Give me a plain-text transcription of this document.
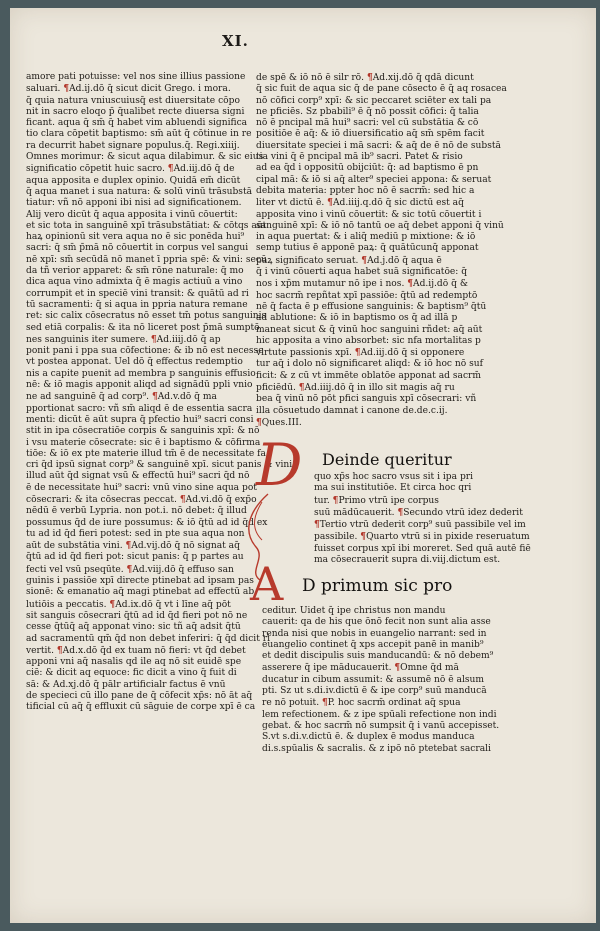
XI.
amore pati potuisse: vel nos sine illius passione
saluari. ¶Ad.ij.dō q̄ sicut dicit Grego. i mora.
q̄ quia natura vniuscuiusq̄ est diuersitate cōpo
nit in sacro eloqo p̄ q̄ualibet recte diuersa signi
ficant. aqua q̄ sm̄ q̄ habet vim abluendi significa
tio clara cōpetit baptismo: sm̄ aūt q̄ cōtinue in re
ra decurrit habet signare populus.q̄. Regi.xiiij.
Omnes morimur: & sicut aqua dilabimur. & sic eius
significatio cōpetit huic sacro. ¶Ad.iij.dō q̄ de
aqua apposita e duplex opinio. Quidā em̄ dicūt
q̄ aqua manet i sua natura: & solū vinū trāsubstā
tiatur: vñ nō apponi ibi nisi ad significationem.
Alij vero dicūt q̄ aqua apposita i vinū cōuertit:
et sic tota in sanguinē xpī trāsubstātiat: & cōtqs aūt
haꝝ opinionū sit vera aqua no ē sic ponēda hui⁹
sacri: q̄ sm̄ p̄mā nō cōuertit in corpus vel sangui
nē xpī: sm̄ secūdā nō manet ī ppria spē: & vini: secū
da tñ verior apparet: & sm̄ rōne naturale: q̄ mo
dica aqua vino admixta q̄ ē magis actiuū a vino
corrumpit et in speciē vini transit: & quātū ad ri
tū sacramenti: q̄ si aqua in ppria natura remane
ret: sic calix cōsecratus nō esset tm̄ potus sanguinis
sed etiā corpalis: & ita nō liceret post p̄mā sumptō
nes sanguinis iter sumere. ¶Ad.iiij.dō q̄ ap
ponit pani i ppa sua cōfectione: & ib nō est necesse
vt postea apponat. Uel dō q̄ effectus redemptio
nis a capite puenit ad membra p sanguinis effusio
nē: & iō magis apponit aliqd ad signādū ppli vnio
ne ad sanguinē q̄ ad corp⁹. ¶Ad.v.dō q̄ ma
pportionat sacro: vñ sm̄ aliqd ē de essentia sacra
menti: dicūt ē aūt supra q̄ pfectio hui⁹ sacri consi
stit in ipa cōsecratiōe corpis & sanguinis xpī: & nō
i vsu materie cōsecrate: sic ē i baptismo & cōfirma
tiōe: & iō ex pte materie illud tm̄ ē de necessitate fa
cri q̄d ipsū signat corp⁹ & sanguinē xpī. sicut panis & vini
illud aūt q̄d signat vsū & effectū hui⁹ sacri q̄d nō
ē de necessitate hui⁹ sacri: vnū vino sine aqua pot
cōsecrari: & ita cōsecras peccat. ¶Ad.vi.dō q̄ exp̄o
nēdū ē verbū Lypria. non pot.i. nō debet: q̄ illud
possumus q̄d de iure possumus: & iō q̄tū ad id q̄d ex
tu ad id q̄d fieri potest: sed in pte sua aqua non
aūt de substātia vini. ¶Ad.vij.dō q̄ nō signat aq̄
q̄tū ad id q̄d fieri pot: sicut panis: q̄ p partes au
fecti vel vsū pseqūte. ¶Ad.viij.dō q̄ effuso san
guinis i passiōe xpī directe ptinebat ad ipsam pas
sionē: & emanatio aq̄ magi ptinebat ad effectū ab
lutiōis a peccatis. ¶Ad.ix.dō q̄ vt i līne aq̄ pōt
sit sanguis cōsecrari q̄tū ad id q̄d fieri pot nō ne
cesse q̄tūq̄ aq̄ apponat vino: sic tñ aq̄ adsit q̄tū
ad sacramentū qm̄ q̄d non debet inferiri: q̄ q̄d dicit ri
vertit. ¶Ad.x.dō q̄d ex tuam nō fieri: vt q̄d debet
apponi vni aq̄ nasalis qd ile aq nō sit euidē spe
ciē: & dicit aq equoce: fic dicit a vino q̄ fuit di
sā: & Ad.xj.dō q̄ pālr artificialr factus ē vnū
de specieci cū illo pane de q̄ cōfecit xp̄s: nō āt aq̄
tificial cū aq̄ q̄ effluxit cū sāguie de corpe xpī ē ca
de spē & iō nō ē silr rō. ¶Ad.xij.dō q̄ qdā dicunt
q̄ sic fuit de aqua sic q̄ de pane cōsecto ē q̄ aq rosacea
nō cōfici corp⁹ xpī: & sic peccaret sciēter ex tali pa
ne pficiēs. Sz pbabili⁹ ē q̄ nō possit cōfici: q̄ talia
nō ē pncipal mā hui⁹ sacri: vel cū substātia & cō
positiōe ē aq̄: & iō diuersificatio aq̄ sm̄ spēm facit
diuersitate speciei i mā sacri: & aq̄ de ē nō de substā
tia vini q̄ ē pncipal mā ib⁹ sacri. Patet & risio
ad ea q̄d i oppositū obijciūt: q̄: ad baptismo ē pn
cipal mā: & iō si aq̄ alter⁹ speciei appona: & seruat
debita materia: ppter hoc nō ē sacrm̄: sed hic a
liter vt dictū ē. ¶Ad.iiij.q.dō q̄ sic dictū est aq̄
apposita vino i vinū cōuertit: & sic totū cōuertit i
sanguinē xpī: & iō nō tantū oe aq̄ debet apponi q̄ vinū
in aqua puertat: & i aliq̄ mediū p mixtione: & iō
semp tutius ē apponē paꝝ: q̄ quātūcunq̄ apponat
paꝝ significato seruat. ¶Ad.j.dō q̄ aqua ē
q̄ i vinū cōuerti aqua habet suā significatōe: q̄
nos i xp̄m mutamur nō ipe i nos. ¶Ad.ij.dō q̄ &
hoc sacrm̄ repñtat xpī passiōe: q̄tū ad redemptō
nē q̄ facta ē p effusione sanguinis: & baptism⁹ q̄tū
ad ablutione: & iō in baptismo os q̄ ad illā p
maneat sicut & q̄ vinū hoc sanguini rñdet: aq̄ aūt
hic apposita a vino absorbet: sic nfa mortalitas p
virtute passionis xpī. ¶Ad.iij.dō q̄ si opponere
tur aq̄ i dolo nō significaret aliqd: & iō hoc nō suf
ficit: & z cū vt immēte oblatōe apponat ad sacrm̄
pficiēdū. ¶Ad.iiij.dō q̄ in illo sit magis aq̄ ru
bea q̄ vinū nō pōt pfici sanguis xpī cōsecrari: vñ
illa cōsuetudo damnat i canone de.de.c.ij.
¶Ques.III.
D Deinde queritur
quo xp̄s hoc sacro vsus sit i ipa pri
ma sui institutiōe. Et circa hoc qri
tur. ¶Primo vtrū ipe corpus
suū mādūcauerit. ¶Secundo vtrū idez dederit
¶Tertio vtrū dederit corp⁹ suū passibile vel im
passibile. ¶Quarto vtrū si in pixide reseruatum
fuisset corpus xpī ibi moreret. Sed quā autē fiē
ma cōsecrauerit supra di.viij.dictum est.
A D primum sic pro
ceditur. Uidet q̄ ipe christus non mandu
cauerit: qa de his que ōnō fecit non sunt alia asse
renda nisi que nobis in euangelio narrant: sed in
euangelio continet q̄ xps accepit panē in manib⁹
et dedit discipulis suis manducandū: & nō debem⁹
asserere q̄ ipe māducauerit. ¶Omne q̄d mā
ducatur in cibum assumit: & assumē nō ē alsum
pti. Sz ut s.di.iv.dictū ē & ipe corp⁹ suū manducā
re nō potuit. ¶P. hoc sacrm̄ ordinat aq̄ spua
lem refectionem. & z ipe spūali refectione non indi
gebat. & hoc sacrm̄ nō sumpsit q̄ i vanū accepisset.
S.vt s.di.v.dictū ē. & duplex ē modus manduca
di.s.spūalis & sacralis. & z ipō nō ptetebat sacrali
